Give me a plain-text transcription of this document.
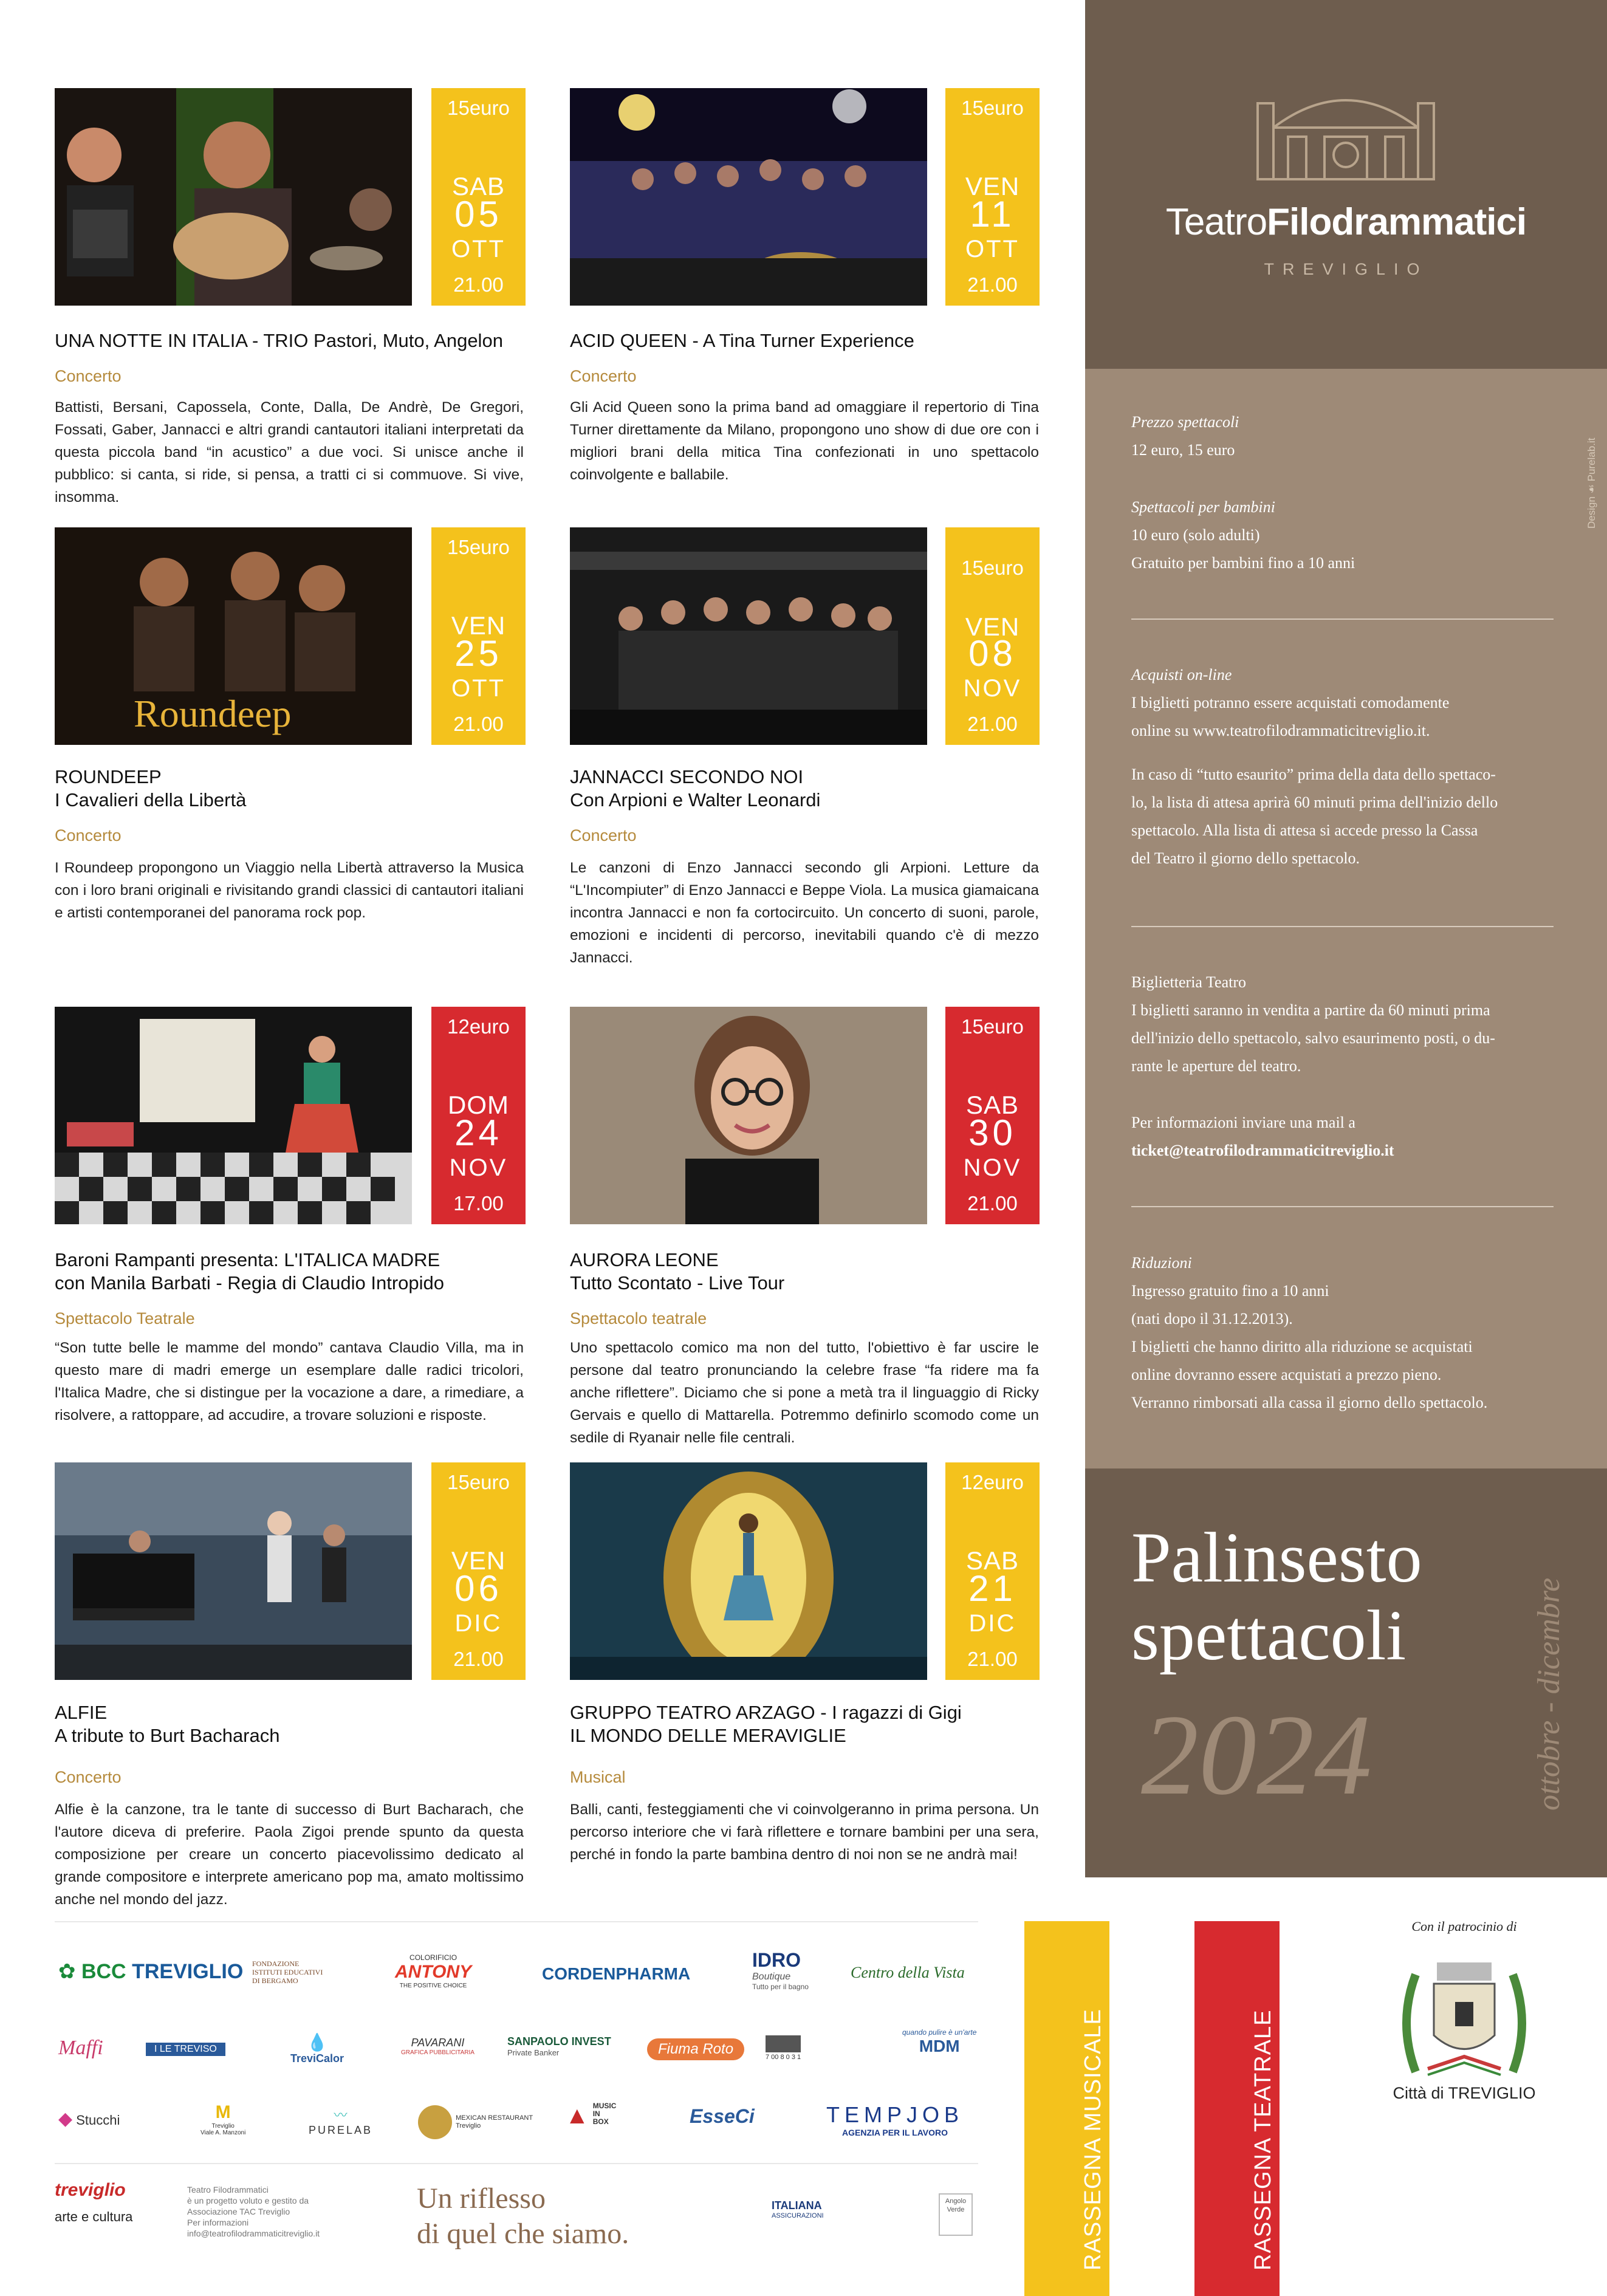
15euro
SAB
05
OTT
21.00
UNA NOTTE IN ITALIA - TRIO Pastori, Muto, Angelon
Concerto
Battisti, Bersani, Capossela, Conte, Dalla, De Andrè, De Gregori, Fossati, Gaber, Jannacci e altri grandi cantautori italiani interpretati da questa piccola band “in acustico” a due voci. Si unisce anche il pubblico: si canta, si ride, si pensa, a tratti ci si commuove. Si vive, insomma.
15euro
VEN
11
OTT
21.00
ACID QUEEN - A Tina Turner Experience
Concerto
Gli Acid Queen sono la prima band ad omaggiare il repertorio di Tina Turner direttamente da Milano, propongono uno show di due ore con i migliori brani della mitica Tina confezionati in uno spettacolo coinvolgente e ballabile.
Roundeep
15euro
VEN
25
OTT
21.00
ROUNDEEP
I Cavalieri della Libertà
Concerto
I Roundeep propongono un Viaggio nella Libertà attraverso la Musica con i loro brani originali e rivisitando grandi classici di cantautori italiani e artisti contemporanei del panorama rock pop.
15euro
VEN
08
NOV
21.00
JANNACCI SECONDO NOI
Con Arpioni e Walter Leonardi
Concerto
Le canzoni di Enzo Jannacci secondo gli Arpioni. Letture da “L'Incompiuter” di Enzo Jannacci e Beppe Viola. La musica giamaicana incontra Jannacci e non fa cortocircuito. Un concerto di suoni, parole, emozioni e incidenti di percorso, inevitabili quando c'è di mezzo Jannacci.
12euro
DOM
24
NOV
17.00
Baroni Rampanti presenta: L'ITALICA MADRE
con Manila Barbati - Regia di Claudio Intropido
Spettacolo Teatrale
“Son tutte belle le mamme del mondo” cantava Claudio Villa, ma in questo mare di madri emerge un esemplare dalle radici tricolori, l'Italica Madre, che si distingue per la vocazione a dare, a rimediare, a risolvere, a rattoppare, ad accudire, a trovare soluzioni e risposte.
15euro
SAB
30
NOV
21.00
AURORA LEONE
Tutto Scontato - Live Tour
Spettacolo teatrale
Uno spettacolo comico ma non del tutto, l'obiettivo è far uscire le persone dal teatro pronunciando la celebre frase “fa ridere ma fa anche riflettere”. Diciamo che si pone a metà tra il linguaggio di Ricky Gervais e quello di Mattarella. Potremmo definirlo scomodo come un sedile di Ryanair nelle file centrali.
15euro
VEN
06
DIC
21.00
ALFIE
A tribute to Burt Bacharach
Concerto
Alfie è la canzone, tra le tante di successo di Burt Bacharach, che l'autore diceva di preferire. Paola Zigoi prende spunto da questa composizione per creare un concerto piacevolissimo dedicato al grande compositore e interprete americano pop ma, amato moltissimo anche nel mondo del jazz.
12euro
SAB
21
DIC
21.00
GRUPPO TEATRO ARZAGO - I ragazzi di Gigi
IL MONDO DELLE MERAVIGLIE
Musical
Balli, canti, festeggiamenti che vi coinvolgeranno in prima persona. Un percorso interiore che vi farà riflettere e tornare bambini per una sera, perché in fondo la parte bambina dentro di noi non se ne andrà mai!
TeatroFilodrammatici
TREVIGLIO
Design ☙ Purelab.it
Prezzo spettacoli
12 euro, 15 euro
Spettacoli per bambini
10 euro (solo adulti)
Gratuito per bambini fino a 10 anni
Acquisti on-line
I biglietti potranno essere acquistati comodamente
online su www.teatrofilodrammaticitreviglio.it.
In caso di “tutto esaurito” prima della data dello spettaco-
lo, la lista di attesa aprirà 60 minuti prima dell'inizio dello
spettacolo. Alla lista di attesa si accede presso la Cassa
del Teatro il giorno dello spettacolo.
Biglietteria Teatro
I biglietti saranno in vendita a partire da 60 minuti prima
dell'inizio dello spettacolo, salvo esaurimento posti, o du-
rante le aperture del teatro.
Per informazioni inviare una mail a
ticket@teatrofilodrammaticitreviglio.it
Riduzioni
Ingresso gratuito fino a 10 anni
(nati dopo il 31.12.2013).
I biglietti che hanno diritto alla riduzione se acquistati
online dovranno essere acquistati a prezzo pieno.
Verranno rimborsati alla cassa il giorno dello spettacolo.
Palinsesto
spettacoli
2024	ottobre - dicembre
RASSEGNA MUSICALE	RASSEGNA TEATRALE
Con il patrocinio di
Città di TREVIGLIO
✿ BCC TREVIGLIO FONDAZIONE
ISTITUTI EDUCATIVI
DI BERGAMO
COLORIFICIO
ANTONY
THE POSITIVE CHOICE
CORDENPHARMA
IDRO
Boutique
Tutto per il bagno
Centro della Vista
Maffi	I LE TREVISO	💧
TreviCalor
PAVARANI
GRAFICA PUBBLICITARIA
SANPAOLO INVEST
Private Banker	Fiuma Roto	7 00 8 0 3 1
quando pulire è un'arte
MDM
◆ Stucchi	M
Treviglio
Viale A. Manzoni
〰
PURELAB
MEXICAN RESTAURANT
Treviglio	▲ MUSIC
IN
BOX	EsseCi	TEMPJOB
AGENZIA PER IL LAVORO
treviglio
arte e cultura
Teatro Filodrammatici
è un progetto voluto e gestito da
Associazione TAC Treviglio
Per informazioni
info@teatrofilodrammaticitreviglio.it
Un riflesso
di quel che siamo.
ITALIANA
ASSICURAZIONI
Angolo
Verde
